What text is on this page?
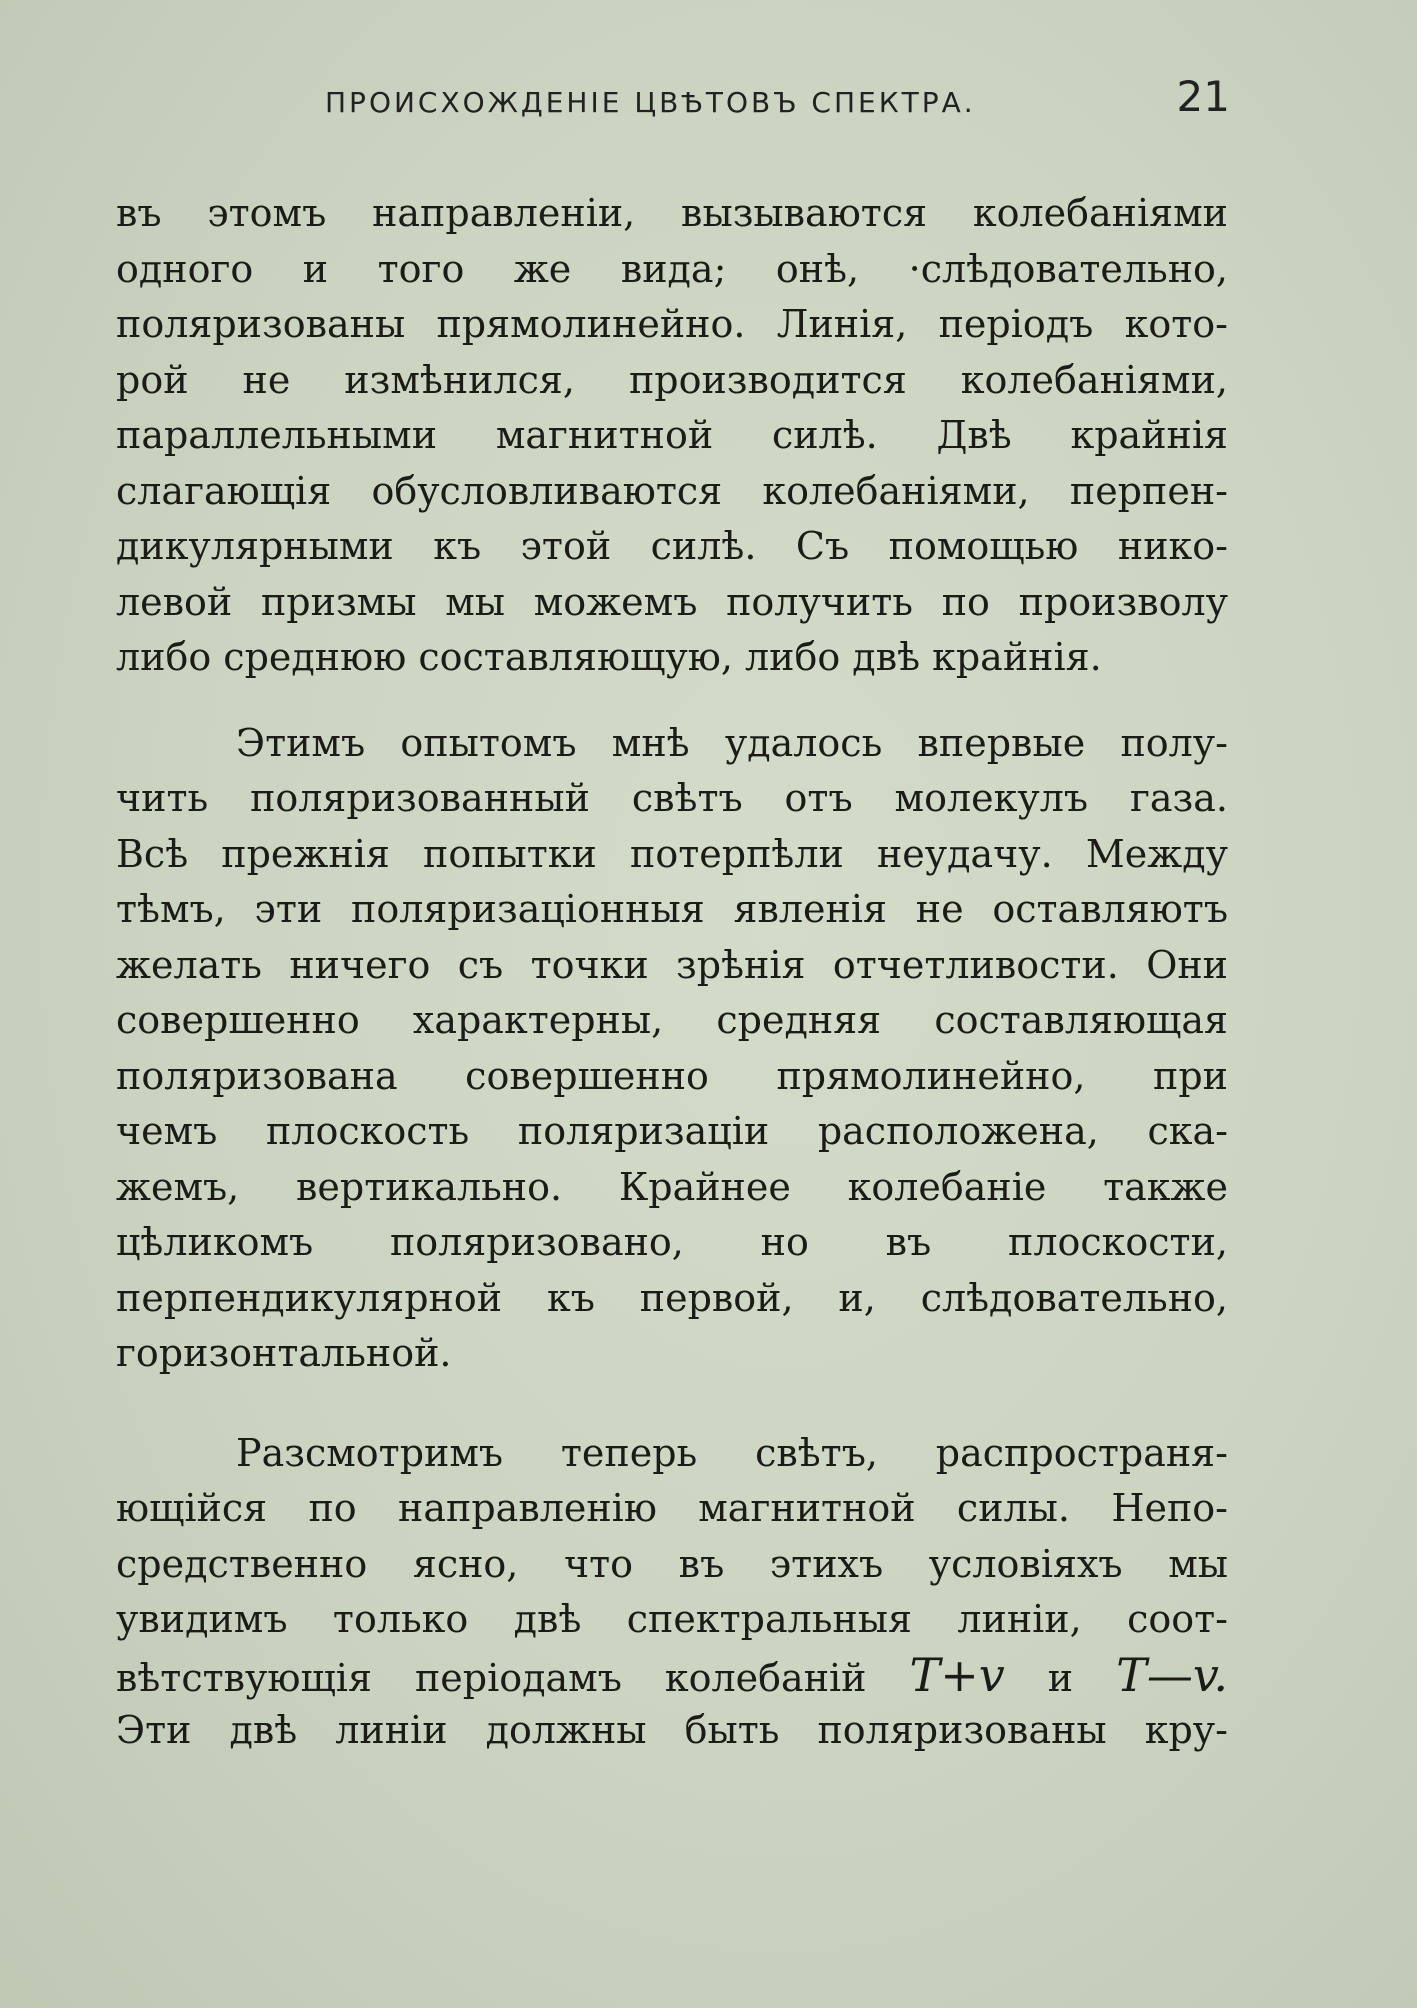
ПРОИСХОЖДЕНІЕ ЦВѢТОВЪ СПЕКТРА.	21
въ этомъ направленіи, вызываются колебаніями
одного и того же вида; онѣ, ·слѣдовательно,
поляризованы прямолинейно. Линія, періодъ кото-
рой не измѣнился, производится колебаніями,
параллельными магнитной силѣ. Двѣ крайнія
слагающія обусловливаются колебаніями, перпен-
дикулярными къ этой силѣ. Съ помощью нико-
левой призмы мы можемъ получить по произволу
либо среднюю составляющую, либо двѣ крайнія.
Этимъ опытомъ мнѣ удалось впервые полу-
чить поляризованный свѣтъ отъ молекулъ газа.
Всѣ прежнія попытки потерпѣли неудачу. Между
тѣмъ, эти поляризаціонныя явленія не оставляютъ
желать ничего съ точки зрѣнія отчетливости. Они
совершенно характерны, средняя составляющая
поляризована совершенно прямолинейно, при
чемъ плоскость поляризаціи расположена, ска-
жемъ, вертикально. Крайнее колебаніе также
цѣликомъ поляризовано, но въ плоскости,
перпендикулярной къ первой, и, слѣдовательно,
горизонтальной.
Разсмотримъ теперь свѣтъ, распространя-
ющійся по направленію магнитной силы. Непо-
средственно ясно, что въ этихъ условіяхъ мы
увидимъ только двѣ спектральныя линіи, соот-
вѣтствующія періодамъ колебаній T+v и T—v.
Эти двѣ линіи должны быть поляризованы кру-
